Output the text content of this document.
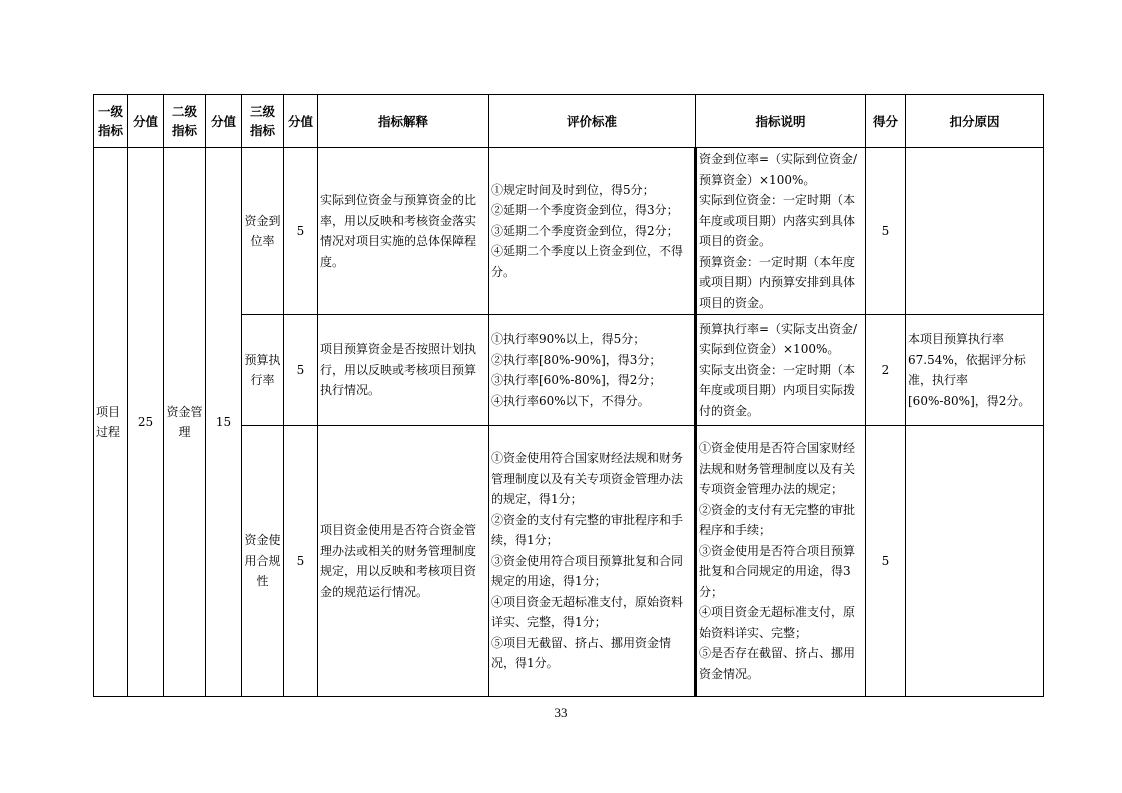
一级指标	分值	二级指标	分值	三级指标	分值	指标解释	评价标准	指标说明	得分	扣分原因
项目过程	25	资金管理	15	资金到位率	5	实际到位资金与预算资金的比率，用以反映和考核资金落实情况对项目实施的总体保障程度。	①规定时间及时到位，得5分；
②延期一个季度资金到位，得3分；
③延期二个季度资金到位，得2分；
④延期二个季度以上资金到位，不得分。	资金到位率=（实际到位资金/预算资金）×100%。
实际到位资金：一定时期（本年度或项目期）内落实到具体项目的资金。
预算资金：一定时期（本年度或项目期）内预算安排到具体项目的资金。	5	
				预算执行率	5	项目预算资金是否按照计划执行，用以反映或考核项目预算执行情况。	①执行率90%以上，得5分；
②执行率[80%-90%]，得3分；
③执行率[60%-80%]，得2分；
④执行率60%以下，不得分。	预算执行率=（实际支出资金/实际到位资金）×100%。
实际支出资金：一定时期（本年度或项目期）内项目实际拨付的资金。	2	本项目预算执行率67.54%，依据评分标准，执行率[60%-80%]，得2分。
				资金使用合规性	5	项目资金使用是否符合资金管理办法或相关的财务管理制度规定，用以反映和考核项目资金的规范运行情况。	①资金使用符合国家财经法规和财务管理制度以及有关专项资金管理办法的规定，得1分；
②资金的支付有完整的审批程序和手续，得1分；
③资金使用符合项目预算批复和合同规定的用途，得1分；
④项目资金无超标准支付，原始资料详实、完整，得1分；
⑤项目无截留、挤占、挪用资金情况，得1分。	①资金使用是否符合国家财经法规和财务管理制度以及有关专项资金管理办法的规定；
②资金的支付有无完整的审批程序和手续；
③资金使用是否符合项目预算批复和合同规定的用途，得3分；
④项目资金无超标准支付，原始资料详实、完整；
⑤是否存在截留、挤占、挪用资金情况。	5	
33
